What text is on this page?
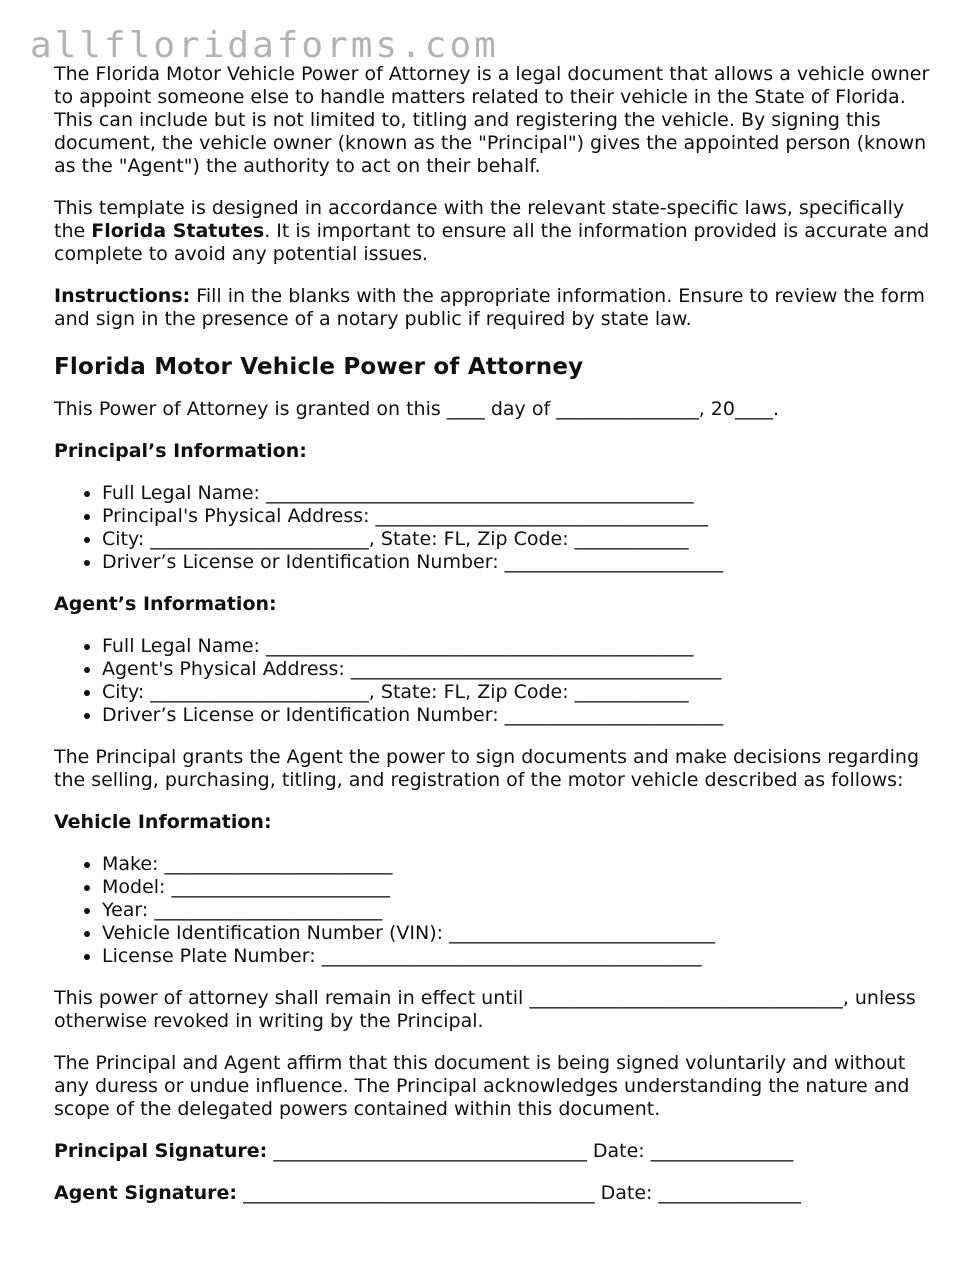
allfloridaforms.com

The Florida Motor Vehicle Power of Attorney is a legal document that allows a vehicle owner to appoint someone else to handle matters related to their vehicle in the State of Florida. This can include but is not limited to, titling and registering the vehicle. By signing this document, the vehicle owner (known as the "Principal") gives the appointed person (known as the "Agent") the authority to act on their behalf.

This template is designed in accordance with the relevant state-specific laws, specifically the Florida Statutes. It is important to ensure all the information provided is accurate and complete to avoid any potential issues.

Instructions: Fill in the blanks with the appropriate information. Ensure to review the form and sign in the presence of a notary public if required by state law.

Florida Motor Vehicle Power of Attorney

This Power of Attorney is granted on this ____ day of _______________, 20____.

Principal’s Information:
• Full Legal Name: _____________________________________________
• Principal's Physical Address: ___________________________________
• City: _______________________, State: FL, Zip Code: ____________
• Driver’s License or Identification Number: _______________________
Agent’s Information:
• Full Legal Name: _____________________________________________
• Agent's Physical Address: _______________________________________
• City: _______________________, State: FL, Zip Code: ____________
• Driver’s License or Identification Number: _______________________

The Principal grants the Agent the power to sign documents and make decisions regarding the selling, purchasing, titling, and registration of the motor vehicle described as follows:

Vehicle Information:
• Make: ________________________
• Model: _______________________
• Year: ________________________
• Vehicle Identification Number (VIN): ____________________________
• License Plate Number: ________________________________________

This power of attorney shall remain in effect until _________________________________, unless otherwise revoked in writing by the Principal.

The Principal and Agent affirm that this document is being signed voluntarily and without any duress or undue influence. The Principal acknowledges understanding the nature and scope of the delegated powers contained within this document.

Principal Signature: _________________________________ Date: _______________
Agent Signature: _____________________________________ Date: _______________
